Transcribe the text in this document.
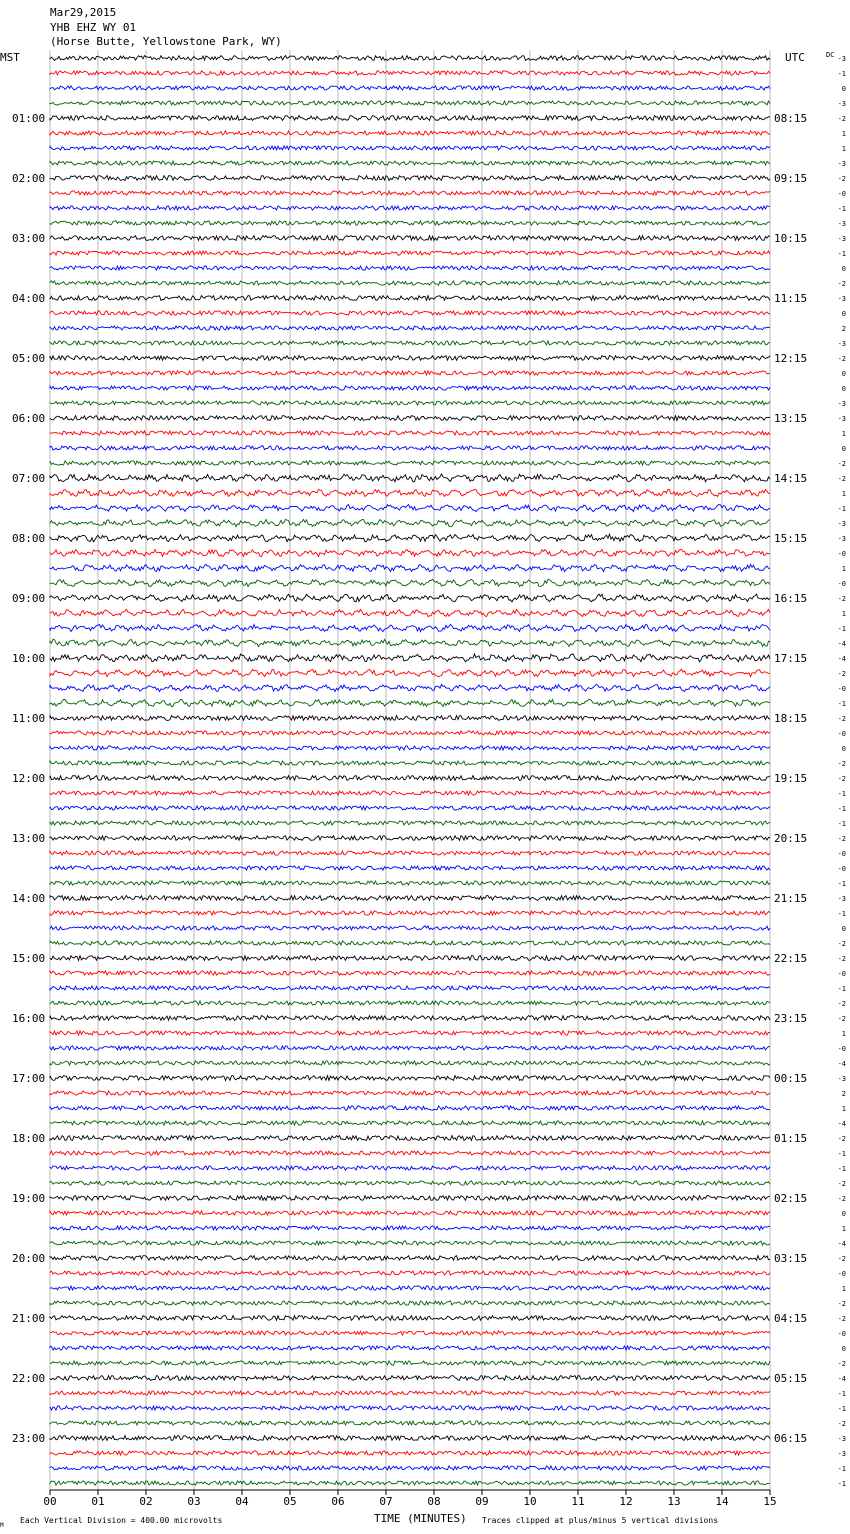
Mar29,2015
YHB EHZ WY 01
(Horse Butte, Yellowstone Park, WY)
MST	UTC	DC
01:00
02:00
03:00
04:00
05:00
06:00
07:00
08:00
09:00
10:00
11:00
12:00
13:00
14:00
15:00
16:00
17:00
18:00
19:00
20:00
21:00
22:00
23:00
08:15
09:15
10:15
11:15
12:15
13:15
14:15
15:15
16:15
17:15
18:15
19:15
20:15
21:15
22:15
23:15
00:15
01:15
02:15
03:15
04:15
05:15
06:15
-3
-1
0
-3
-2
1
1
-3
-2
-0
-1
-3
-3
-1
0
-2
-3
0
2
-3
-2
0
0
-3
-3
1
0
-2
-2
1
-1
-3
-3
-0
1
-0
-2
1
-1
-4
-4
-2
-0
-1
-2
-0
0
-2
-2
-1
-1
-1
-2
-0
-0
-1
-3
-1
0
-2
-2
-0
-1
-2
-2
1
-0
-4
-3
2
1
-4
-2
-1
-1
-2
-2
0
1
-4
-2
-0
1
-2
-2
-0
0
-2
-4
-1
-1
-2
-3
-3
-1
-1
00	01	02	03	04	05	06	07	08	09	10	11	12	13	14	15
M
Each Vertical Division = 400.00 microvolts	TIME (MINUTES) Traces clipped at plus/minus 5 vertical divisions
